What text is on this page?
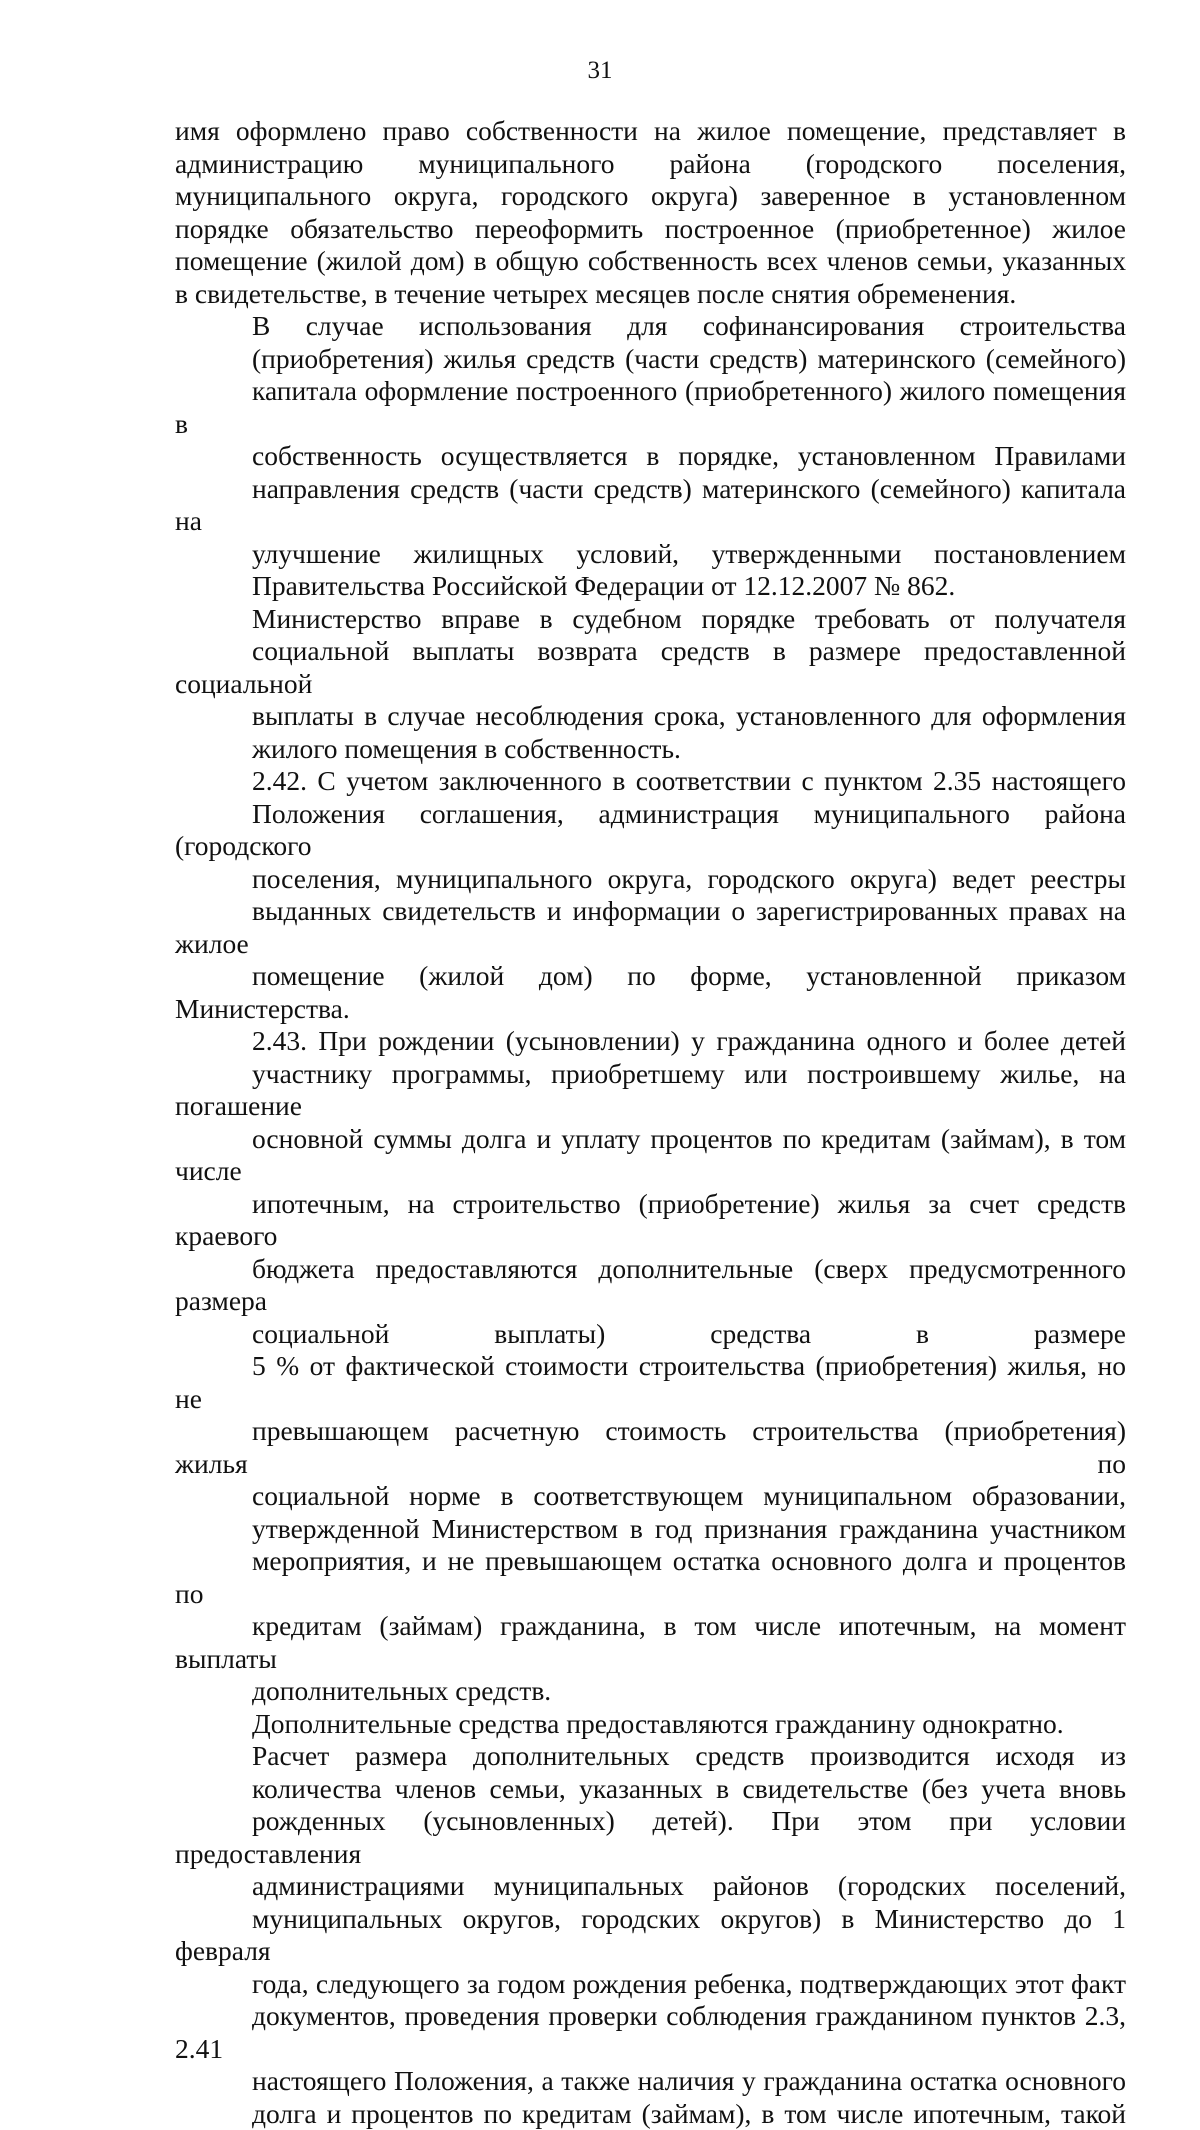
31
имя оформлено право собственности на жилое помещение, представляет в
администрацию муниципального района (городского поселения,
муниципального округа, городского округа) заверенное в установленном
порядке обязательство переоформить построенное (приобретенное) жилое
помещение (жилой дом) в общую собственность всех членов семьи, указанных
в свидетельстве, в течение четырех месяцев после снятия обременения.
В случае использования для софинансирования строительства
(приобретения) жилья средств (части средств) материнского (семейного)
капитала оформление построенного (приобретенного) жилого помещения в
собственность осуществляется в порядке, установленном Правилами
направления средств (части средств) материнского (семейного) капитала на
улучшение жилищных условий, утвержденными постановлением
Правительства Российской Федерации от 12.12.2007 № 862.
Министерство вправе в судебном порядке требовать от получателя
социальной выплаты возврата средств в размере предоставленной социальной
выплаты в случае несоблюдения срока, установленного для оформления
жилого помещения в собственность.
2.42. С учетом заключенного в соответствии с пунктом 2.35 настоящего
Положения соглашения, администрация муниципального района (городского
поселения, муниципального округа, городского округа) ведет реестры
выданных свидетельств и информации о зарегистрированных правах на жилое
помещение (жилой дом) по форме, установленной приказом Министерства.
2.43. При рождении (усыновлении) у гражданина одного и более детей
участнику программы, приобретшему или построившему жилье, на погашение
основной суммы долга и уплату процентов по кредитам (займам), в том числе
ипотечным, на строительство (приобретение) жилья за счет средств краевого
бюджета предоставляются дополнительные (сверх предусмотренного размера
социальной выплаты) средства в размере
5 % от фактической стоимости строительства (приобретения) жилья, но не
превышающем расчетную стоимость строительства (приобретения) жилья по
социальной норме в соответствующем муниципальном образовании,
утвержденной Министерством в год признания гражданина участником
мероприятия, и не превышающем остатка основного долга и процентов по
кредитам (займам) гражданина, в том числе ипотечным, на момент выплаты
дополнительных средств.
Дополнительные средства предоставляются гражданину однократно.
Расчет размера дополнительных средств производится исходя из
количества членов семьи, указанных в свидетельстве (без учета вновь
рожденных (усыновленных) детей). При этом при условии предоставления
администрациями муниципальных районов (городских поселений,
муниципальных округов, городских округов) в Министерство до 1 февраля
года, следующего за годом рождения ребенка, подтверждающих этот факт
документов, проведения проверки соблюдения гражданином пунктов 2.3, 2.41
настоящего Положения, а также наличия у гражданина остатка основного
долга и процентов по кредитам (займам), в том числе ипотечным, такой
